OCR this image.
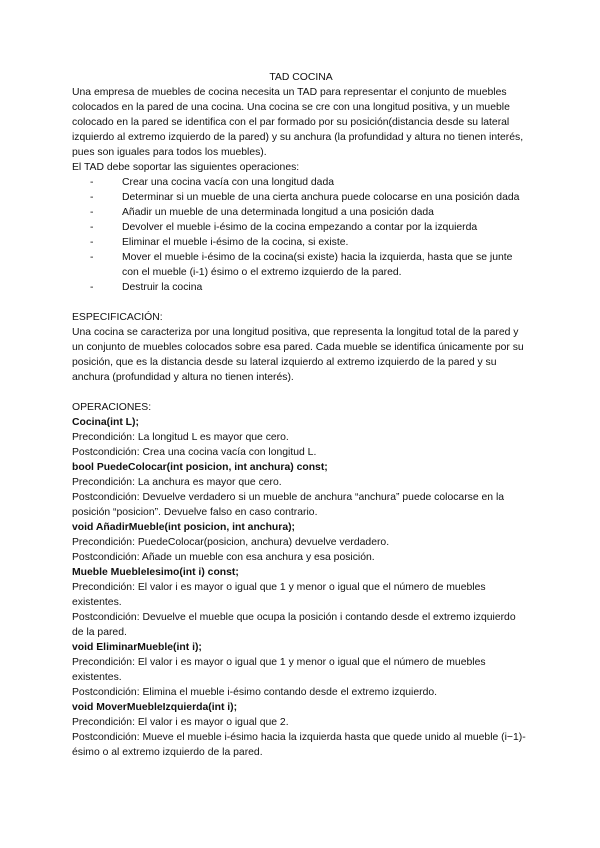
TAD COCINA

Una empresa de muebles de cocina necesita un TAD para representar el conjunto de muebles colocados en la pared de una cocina. Una cocina se cre con una longitud positiva, y un mueble colocado en la pared se identifica con el par formado por su posición(distancia desde su lateral izquierdo al extremo izquierdo de la pared) y su anchura (la profundidad y altura no tienen interés, pues son iguales para todos los muebles).

El TAD debe soportar las siguientes operaciones:

- Crear una cocina vacía con una longitud dada
- Determinar si un mueble de una cierta anchura puede colocarse en una posición dada
- Añadir un mueble de una determinada longitud a una posición dada
- Devolver el mueble i-ésimo de la cocina empezando a contar por la izquierda
- Eliminar el mueble i-ésimo de la cocina, si existe.
- Mover el mueble i-ésimo de la cocina(si existe) hacia la izquierda, hasta que se junte con el mueble (i-1) ésimo o el extremo izquierdo de la pared.
- Destruir la cocina

ESPECIFICACIÓN:

Una cocina se caracteriza por una longitud positiva, que representa la longitud total de la pared y un conjunto de muebles colocados sobre esa pared. Cada mueble se identifica únicamente por su posición, que es la distancia desde su lateral izquierdo al extremo izquierdo de la pared y su anchura (profundidad y altura no tienen interés).

OPERACIONES:

Cocina(int L);

Precondición: La longitud L es mayor que cero.

Postcondición: Crea una cocina vacía con longitud L.

bool PuedeColocar(int posicion, int anchura) const;

Precondición: La anchura es mayor que cero.

Postcondición: Devuelve verdadero si un mueble de anchura “anchura” puede colocarse en la posición “posicion”. Devuelve falso en caso contrario.

void AñadirMueble(int posicion, int anchura);

Precondición: PuedeColocar(posicion, anchura) devuelve verdadero.

Postcondición: Añade un mueble con esa anchura y esa posición.

Mueble MuebleIesimo(int i) const;

Precondición: El valor i es mayor o igual que 1 y menor o igual que el número de muebles existentes.

Postcondición: Devuelve el mueble que ocupa la posición i contando desde el extremo izquierdo de la pared.

void EliminarMueble(int i);

Precondición: El valor i es mayor o igual que 1 y menor o igual que el número de muebles existentes.

Postcondición: Elimina el mueble i-ésimo contando desde el extremo izquierdo.

void MoverMuebleIzquierda(int i);

Precondición: El valor i es mayor o igual que 2.

Postcondición: Mueve el mueble i-ésimo hacia la izquierda hasta que quede unido al mueble (i−1)-ésimo o al extremo izquierdo de la pared.
